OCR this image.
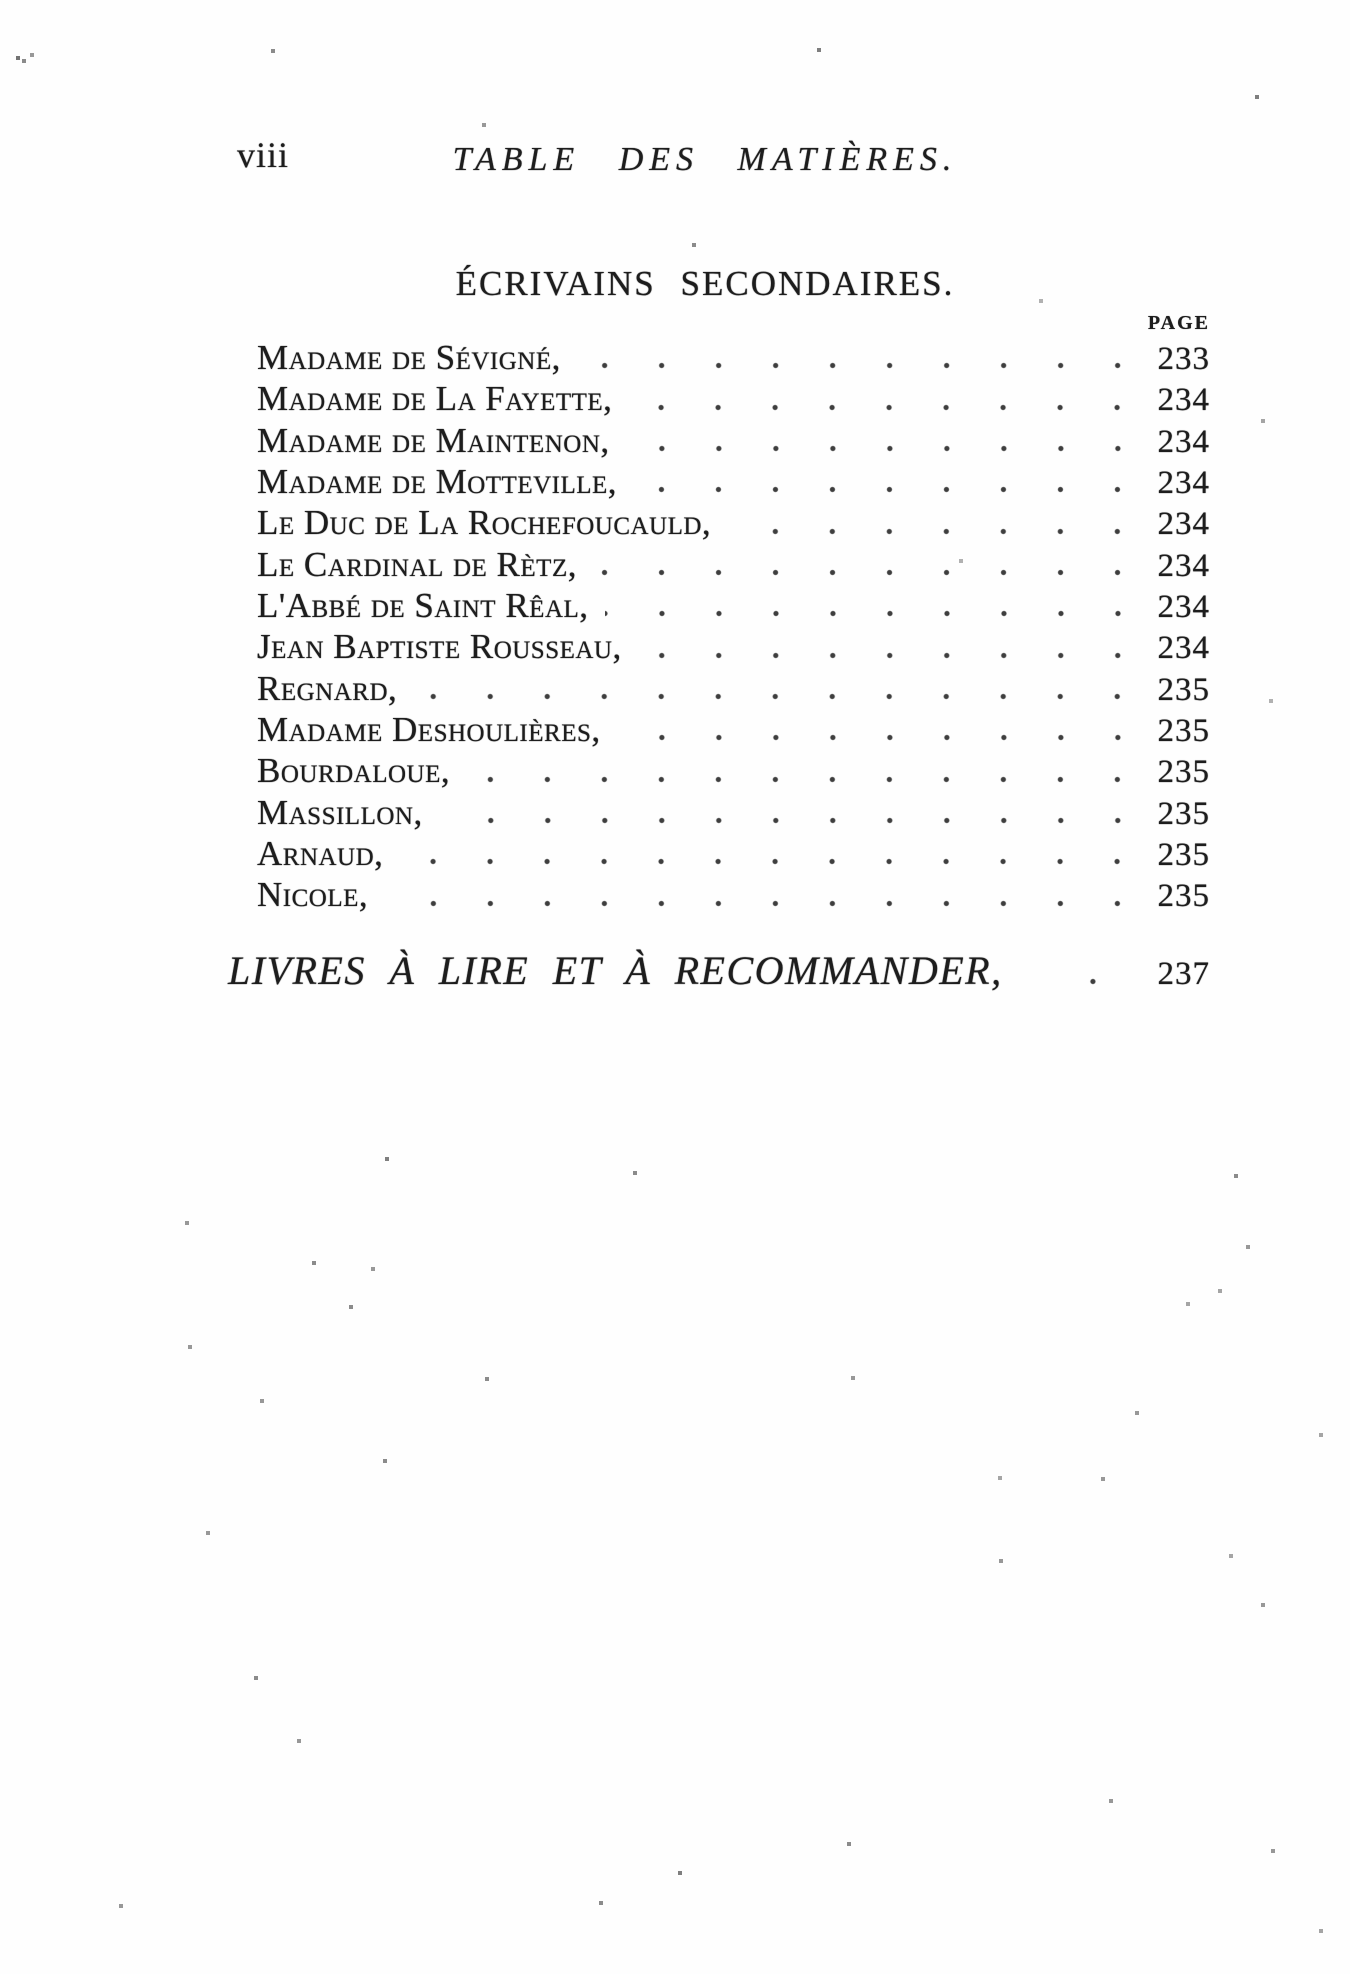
viii	TABLE DES MATIÈRES.
ÉCRIVAINS SECONDAIRES.
PAGE
Madame de Sévigné,	233
Madame de La Fayette,	234
Madame de Maintenon,	234
Madame de Motteville,	234
Le Duc de La Rochefoucauld,	234
Le Cardinal de Rètz,	234
L'Abbé de Saint Rêal,	234
Jean Baptiste Rousseau,	234
Regnard,	235
Madame Deshoulières,	235
Bourdaloue,	235
Massillon,	235
Arnaud,	235
Nicole,	235
LIVRES À LIRE ET À RECOMMANDER,	237
